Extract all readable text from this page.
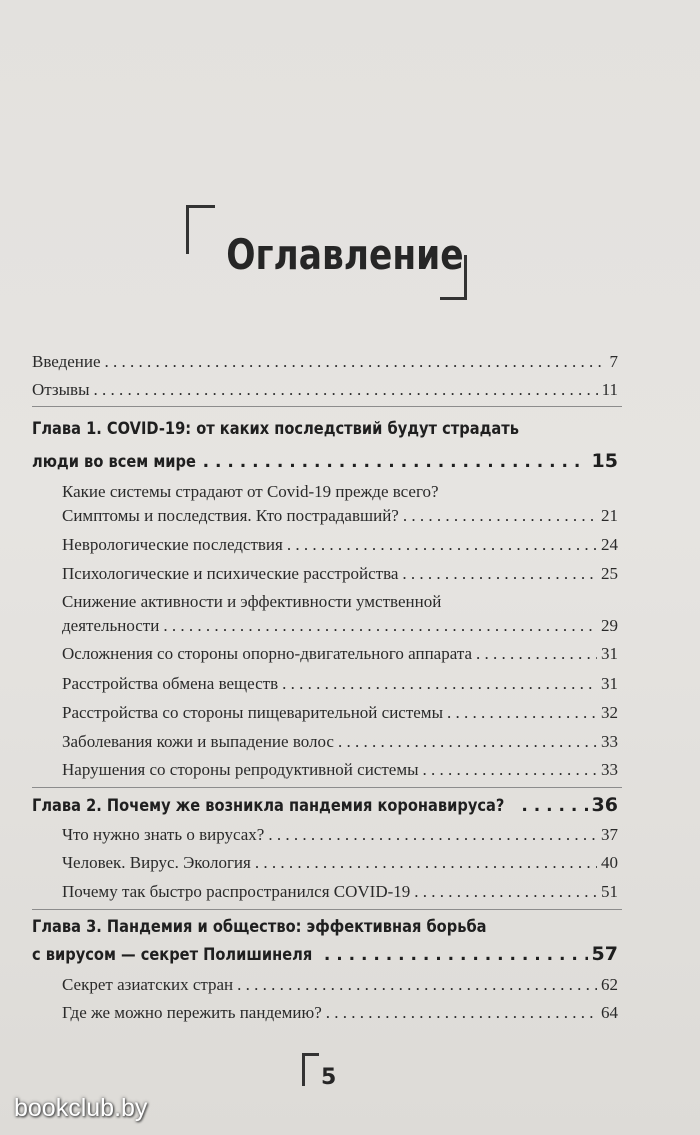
Оглавление
Введение . . .	7
Отзывы . . .	11
Глава 1. COVID-19: от каких последствий будут страдать
люди во всем мире . . .	15
Какие системы страдают от Covid-19 прежде всего?
Симптомы и последствия. Кто пострадавший? . . .	21
Неврологические последствия . . .	24
Психологические и психические расстройства . . .	25
Снижение активности и эффективности умственной
деятельности . . .	29
Осложнения со стороны опорно-двигательного аппарата . . .	31
Расстройства обмена веществ . . .	31
Расстройства со стороны пищеварительной системы . . .	32
Заболевания кожи и выпадение волос . . .	33
Нарушения со стороны репродуктивной системы . . .	33
Глава 2. Почему же возникла пандемия коронавируса? . . .	36
Что нужно знать о вирусах? . . .	37
Человек. Вирус. Экология . . .	40
Почему так быстро распространился COVID-19 . . .	51
Глава 3. Пандемия и общество: эффективная борьба
с вирусом — секрет Полишинеля . . .	57
Секрет азиатских стран . . .	62
Где же можно пережить пандемию? . . .	64
5
bookclub.by
